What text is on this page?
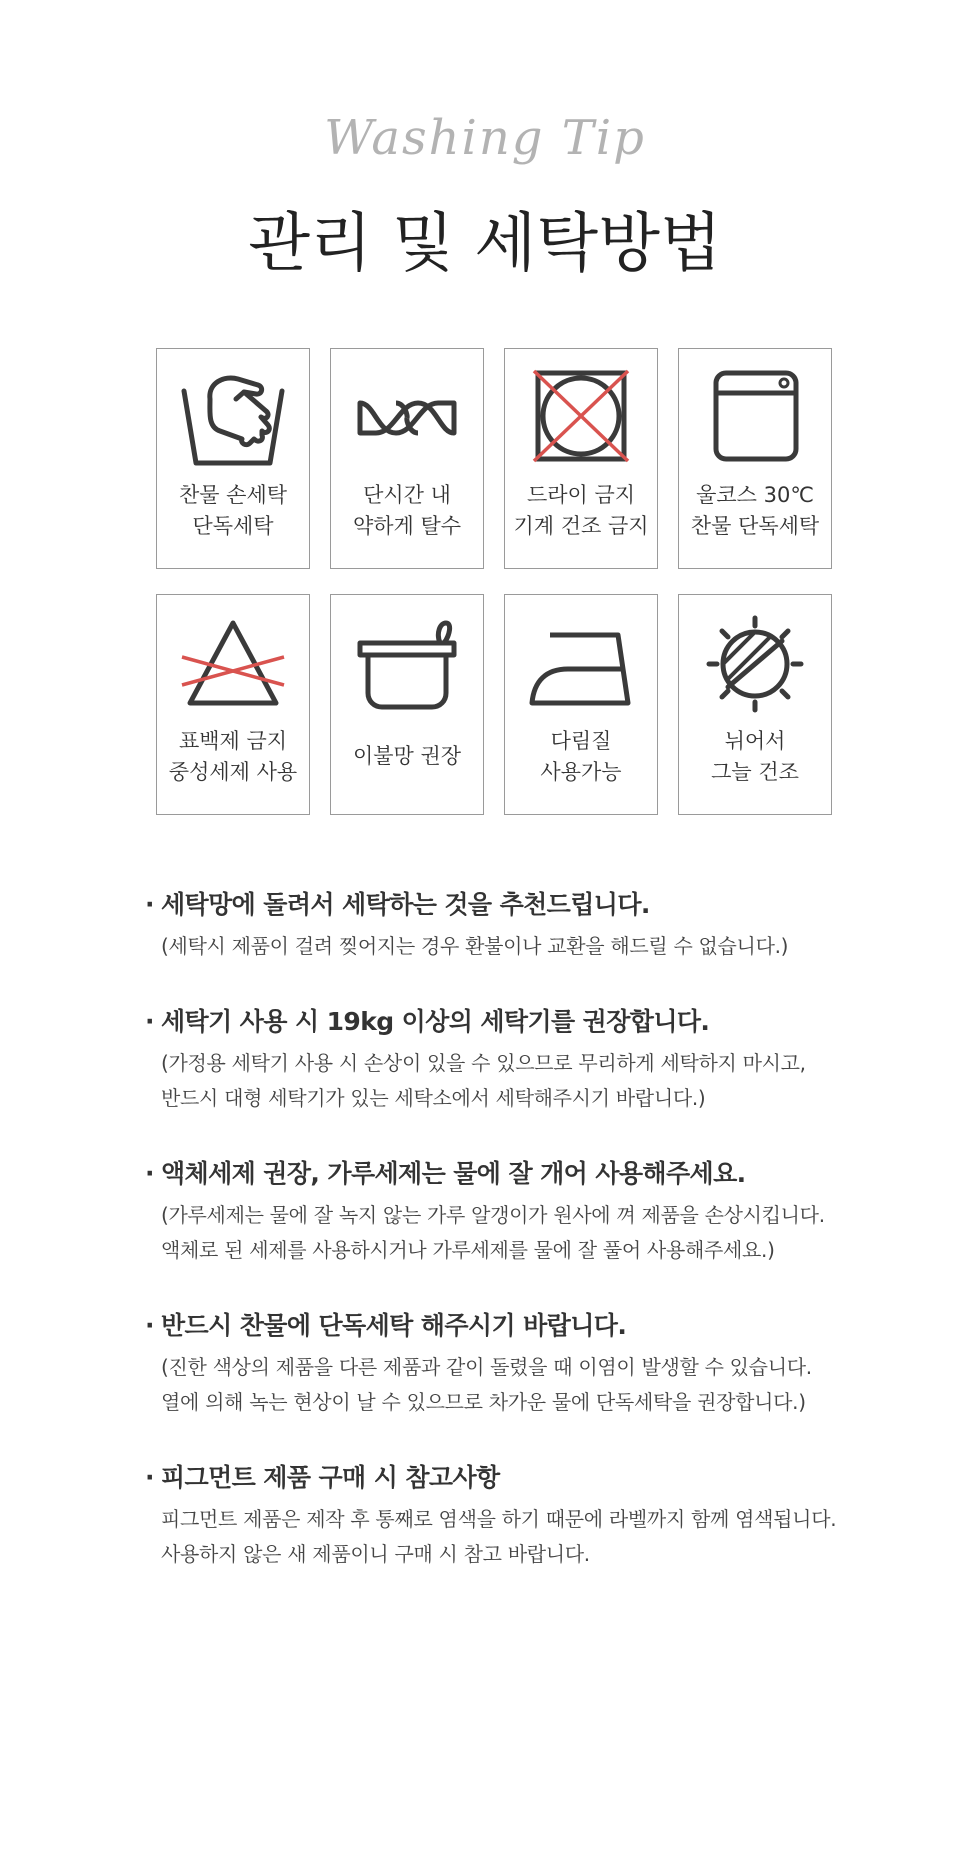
Washing Tip
관리 및 세탁방법
찬물 손세탁
단독세탁
단시간 내
약하게 탈수
드라이 금지
기계 건조 금지
울코스 30℃
찬물 단독세탁
표백제 금지
중성세제 사용
이불망 권장
다림질
사용가능
뉘어서
그늘 건조
· 세탁망에 돌려서 세탁하는 것을 추천드립니다.
(세탁시 제품이 걸려 찢어지는 경우 환불이나 교환을 해드릴 수 없습니다.)
· 세탁기 사용 시 19kg 이상의 세탁기를 권장합니다.
(가정용 세탁기 사용 시 손상이 있을 수 있으므로 무리하게 세탁하지 마시고,
반드시 대형 세탁기가 있는 세탁소에서 세탁해주시기 바랍니다.)
· 액체세제 권장, 가루세제는 물에 잘 개어 사용해주세요.
(가루세제는 물에 잘 녹지 않는 가루 알갱이가 원사에 껴 제품을 손상시킵니다.
액체로 된 세제를 사용하시거나 가루세제를 물에 잘 풀어 사용해주세요.)
· 반드시 찬물에 단독세탁 해주시기 바랍니다.
(진한 색상의 제품을 다른 제품과 같이 돌렸을 때 이염이 발생할 수 있습니다.
열에 의해 녹는 현상이 날 수 있으므로 차가운 물에 단독세탁을 권장합니다.)
· 피그먼트 제품 구매 시 참고사항
피그먼트 제품은 제작 후 통째로 염색을 하기 때문에 라벨까지 함께 염색됩니다.
사용하지 않은 새 제품이니 구매 시 참고 바랍니다.
